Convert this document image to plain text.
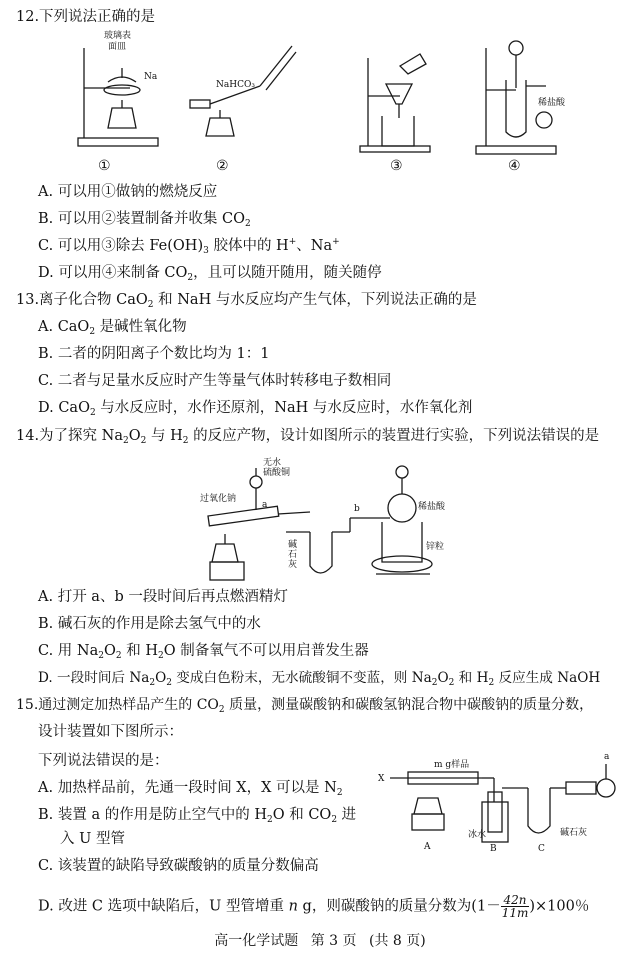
12.下列说法正确的是
玻璃表
面皿
Na
NaHCO₃
稀盐酸
①	②	③	④
A. 可以用①做钠的燃烧反应
B. 可以用②装置制备并收集 $CO_2$
C. 可以用③除去 $Fe(OH)_3$ 胶体中的 H+、Na+
D. 可以用④来制备 $CO_2$，且可以随开随用，随关随停
13.离子化合物 CaO$_2$ 和 NaH 与水反应均产生气体，下列说法正确的是
A. CaO$_2$ 是碱性氧化物
B. 二者的阴阳离子个数比均为 1：1
C. 二者与足量水反应时产生等量气体时转移电子数相同
D. CaO$_2$ 与水反应时，水作还原剂，NaH 与水反应时，水作氧化剂
14.为了探究 $Na_2O_2$ 与 $H_2$ 的反应产物，设计如图所示的装置进行实验，下列说法错误的是
无水
硫酸铜
过氧化钠
a	b
碱
石
灰
稀盐酸
锌粒
A. 打开 a、b 一段时间后再点燃酒精灯
B. 碱石灰的作用是除去氢气中的水
C. 用 $Na_2O_2$ 和 $H_2O$ 制备氧气不可以用启普发生器
D. 一段时间后 $Na_2O_2$ 变成白色粉末，无水硫酸铜不变蓝，则 $Na_2O_2$ 和 $H_2$ 反应生成 NaOH
15.通过测定加热样品产生的 $CO_2$ 质量，测量碳酸钠和碳酸氢钠混合物中碳酸钠的质量分数，
设计装置如下图所示：
下列说法错误的是：
X
m g样品
a
冰水	碱石灰
A	B	C
A. 加热样品前，先通一段时间 X，X 可以是 $N_2$
B. 装置 a 的作用是防止空气中的 $H_2O$ 和 $CO_2$ 进
入 U 型管
C. 该装置的缺陷导致碳酸钠的质量分数偏高
D. 改进 C 选项中缺陷后，U 型管增重 n g，则碳酸钠的质量分数为$(1- \frac{42n}{11m} )\times 100$％
高一化学试题 第 3 页 (共 8 页)
